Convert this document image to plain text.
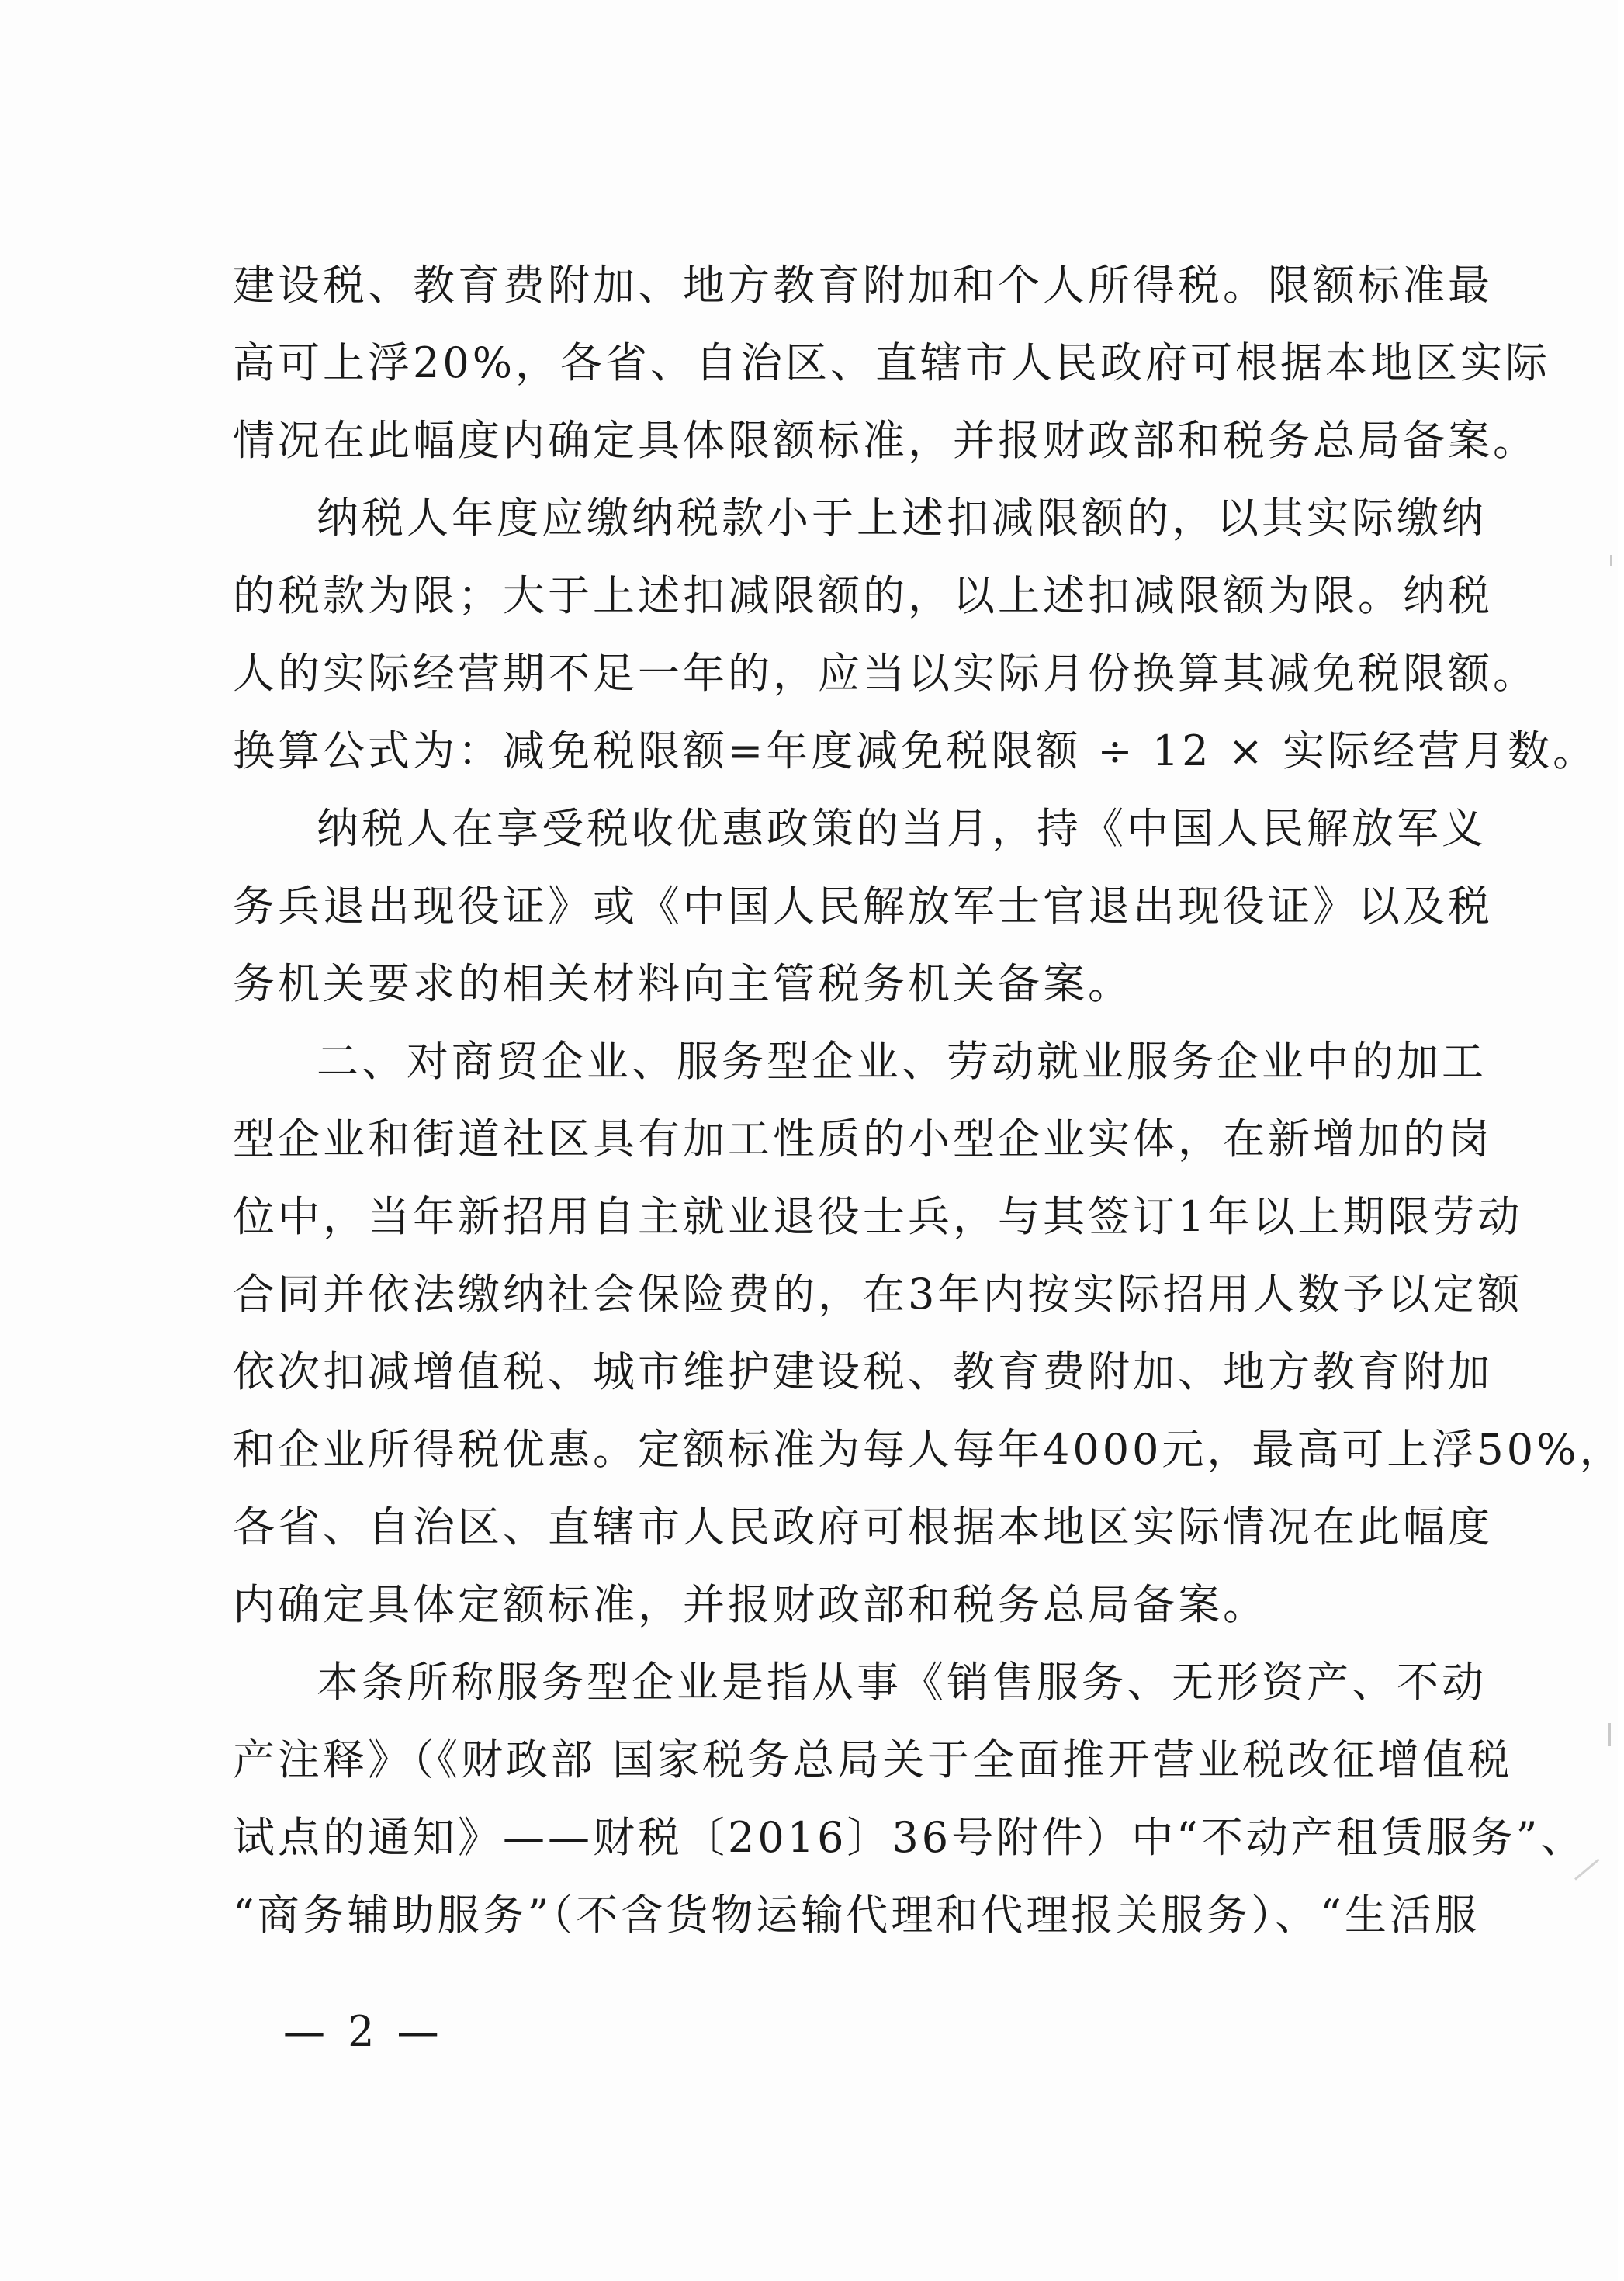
建设税、教育费附加、地方教育附加和个人所得税。限额标准最
高可上浮20%，各省、自治区、直辖市人民政府可根据本地区实际
情况在此幅度内确定具体限额标准，并报财政部和税务总局备案。
纳税人年度应缴纳税款小于上述扣减限额的，以其实际缴纳
的税款为限；大于上述扣减限额的，以上述扣减限额为限。纳税
人的实际经营期不足一年的，应当以实际月份换算其减免税限额。
换算公式为：减免税限额=年度减免税限额 ÷ 12 × 实际经营月数。
纳税人在享受税收优惠政策的当月，持《中国人民解放军义
务兵退出现役证》或《中国人民解放军士官退出现役证》以及税
务机关要求的相关材料向主管税务机关备案。
二、对商贸企业、服务型企业、劳动就业服务企业中的加工
型企业和街道社区具有加工性质的小型企业实体，在新增加的岗
位中，当年新招用自主就业退役士兵，与其签订1年以上期限劳动
合同并依法缴纳社会保险费的，在3年内按实际招用人数予以定额
依次扣减增值税、城市维护建设税、教育费附加、地方教育附加
和企业所得税优惠。定额标准为每人每年4000元，最高可上浮50%，
各省、自治区、直辖市人民政府可根据本地区实际情况在此幅度
内确定具体定额标准，并报财政部和税务总局备案。
本条所称服务型企业是指从事《销售服务、无形资产、不动
产注释》（《财政部 国家税务总局关于全面推开营业税改征增值税
试点的通知》——财税〔2016〕36号附件）中“不动产租赁服务”、
“商务辅助服务”（不含货物运输代理和代理报关服务）、“生活服
— 2 —
